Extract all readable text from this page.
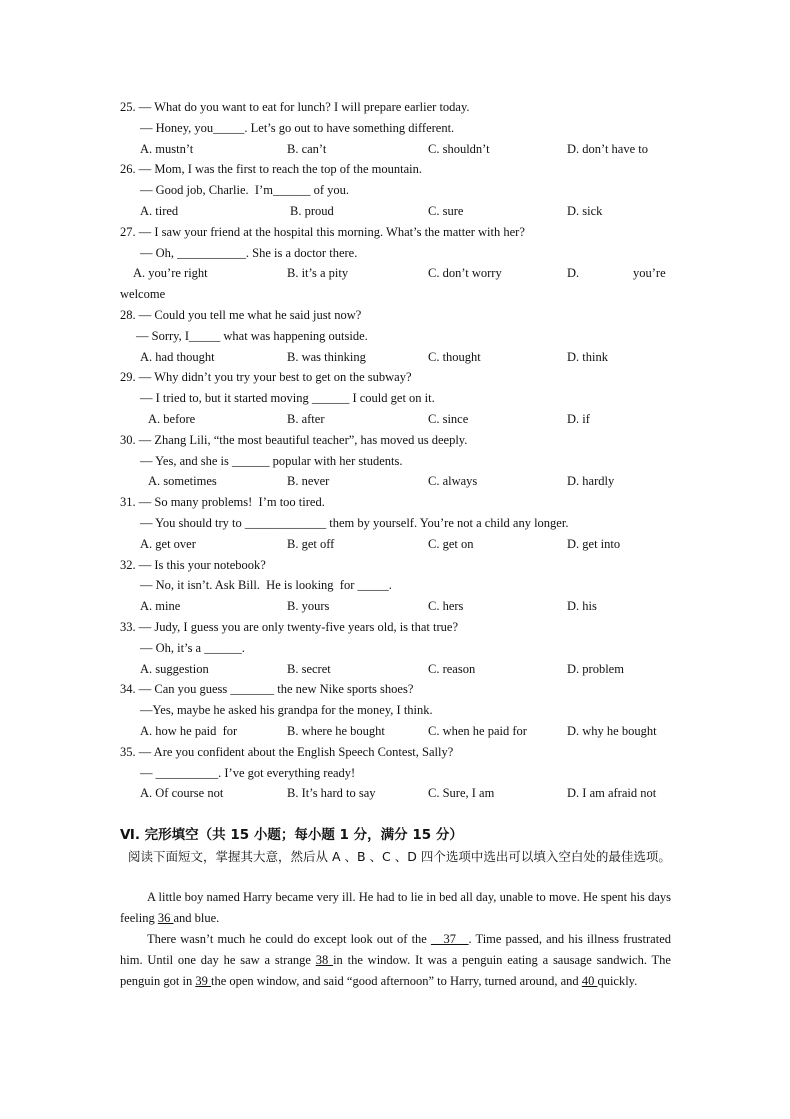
25. — What do you want to eat for lunch? I will prepare earlier today.
— Honey, you_____. Let’s go out to have something different.
A. mustn’t	B. can’t	C. shouldn’t	D. don’t have to
26. — Mom, I was the first to reach the top of the mountain.
— Good job, Charlie.  I’m______ of you.
A. tired	B. proud	C. sure	D. sick
27. — I saw your friend at the hospital this morning. What’s the matter with her?
— Oh, ___________. She is a doctor there.
A. you’re right	B. it’s a pity	C. don’t worry	D.	you’re
welcome
28. — Could you tell me what he said just now?
— Sorry, I_____ what was happening outside.
A. had thought	B. was thinking	C. thought	D. think
29. — Why didn’t you try your best to get on the subway?
— I tried to, but it started moving ______ I could get on it.
A. before	B. after	C. since	D. if
30. — Zhang Lili, “the most beautiful teacher”, has moved us deeply.
— Yes, and she is ______ popular with her students.
A. sometimes	B. never	C. always	D. hardly
31. — So many problems!  I’m too tired.
— You should try to _____________ them by yourself. You’re not a child any longer.
A. get over	B. get off	C. get on	D. get into
32. — Is this your notebook?
— No, it isn’t. Ask Bill.  He is looking  for _____.
A. mine	B. yours	C. hers	D. his
33. — Judy, I guess you are only twenty-five years old, is that true?
— Oh, it’s a ______.
A. suggestion	B. secret	C. reason	D. problem
34. — Can you guess _______ the new Nike sports shoes?
—Yes, maybe he asked his grandpa for the money, I think.
A. how he paid  for	B. where he bought	C. when he paid for	D. why he bought
35. — Are you confident about the English Speech Contest, Sally?
— __________. I’ve got everything ready!
A. Of course not	B. It’s hard to say	C. Sure, I am	D. I am afraid not
Ⅵ. 完形填空（共 15 小题；每小题 1 分，满分 15 分）
阅读下面短文，掌握其大意，然后从 A 、B 、C 、D 四个选项中选出可以填入空白处的最佳选项。
A little boy named Harry became very ill. He had to lie in bed all day, unable to move. He spent his days feeling 36 and blue.
There wasn’t much he could do except look out of the __37__. Time passed, and his illness frustrated him. Until one day he saw a strange 38 in the window. It was a penguin eating a sausage sandwich. The penguin got in 39 the open window, and said “good afternoon” to Harry, turned around, and 40 quickly.
